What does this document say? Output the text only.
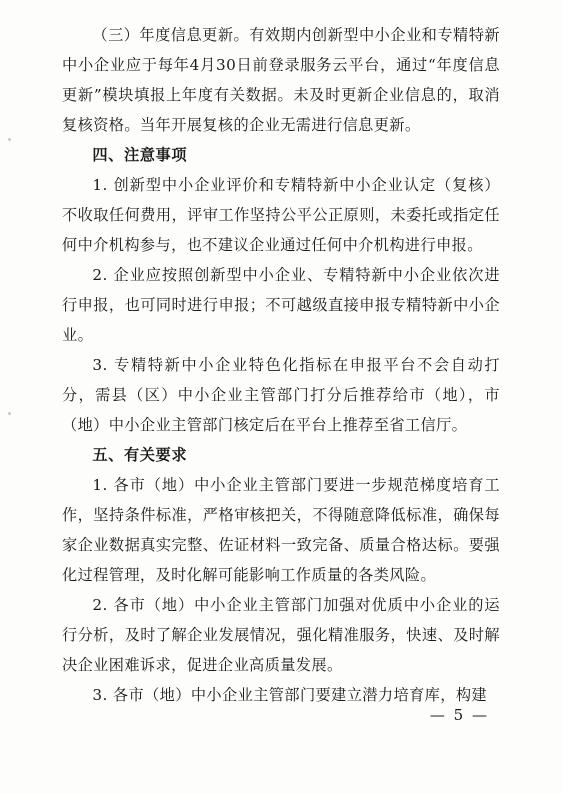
（三）年度信息更新。有效期内创新型中小企业和专精特新中小企业应于每年4月30日前登录服务云平台，通过“年度信息更新”模块填报上年度有关数据。未及时更新企业信息的，取消复核资格。当年开展复核的企业无需进行信息更新。

四、注意事项

1. 创新型中小企业评价和专精特新中小企业认定（复核）不收取任何费用，评审工作坚持公平公正原则，未委托或指定任何中介机构参与，也不建议企业通过任何中介机构进行申报。

2. 企业应按照创新型中小企业、专精特新中小企业依次进行申报，也可同时进行申报；不可越级直接申报专精特新中小企业。

3. 专精特新中小企业特色化指标在申报平台不会自动打分，需县（区）中小企业主管部门打分后推荐给市（地），市（地）中小企业主管部门核定后在平台上推荐至省工信厅。

五、有关要求

1. 各市（地）中小企业主管部门要进一步规范梯度培育工作，坚持条件标准，严格审核把关，不得随意降低标准，确保每家企业数据真实完整、佐证材料一致完备、质量合格达标。要强化过程管理，及时化解可能影响工作质量的各类风险。

2. 各市（地）中小企业主管部门加强对优质中小企业的运行分析，及时了解企业发展情况，强化精准服务，快速、及时解决企业困难诉求，促进企业高质量发展。

3. 各市（地）中小企业主管部门要建立潜力培育库，构建

— 5 —
